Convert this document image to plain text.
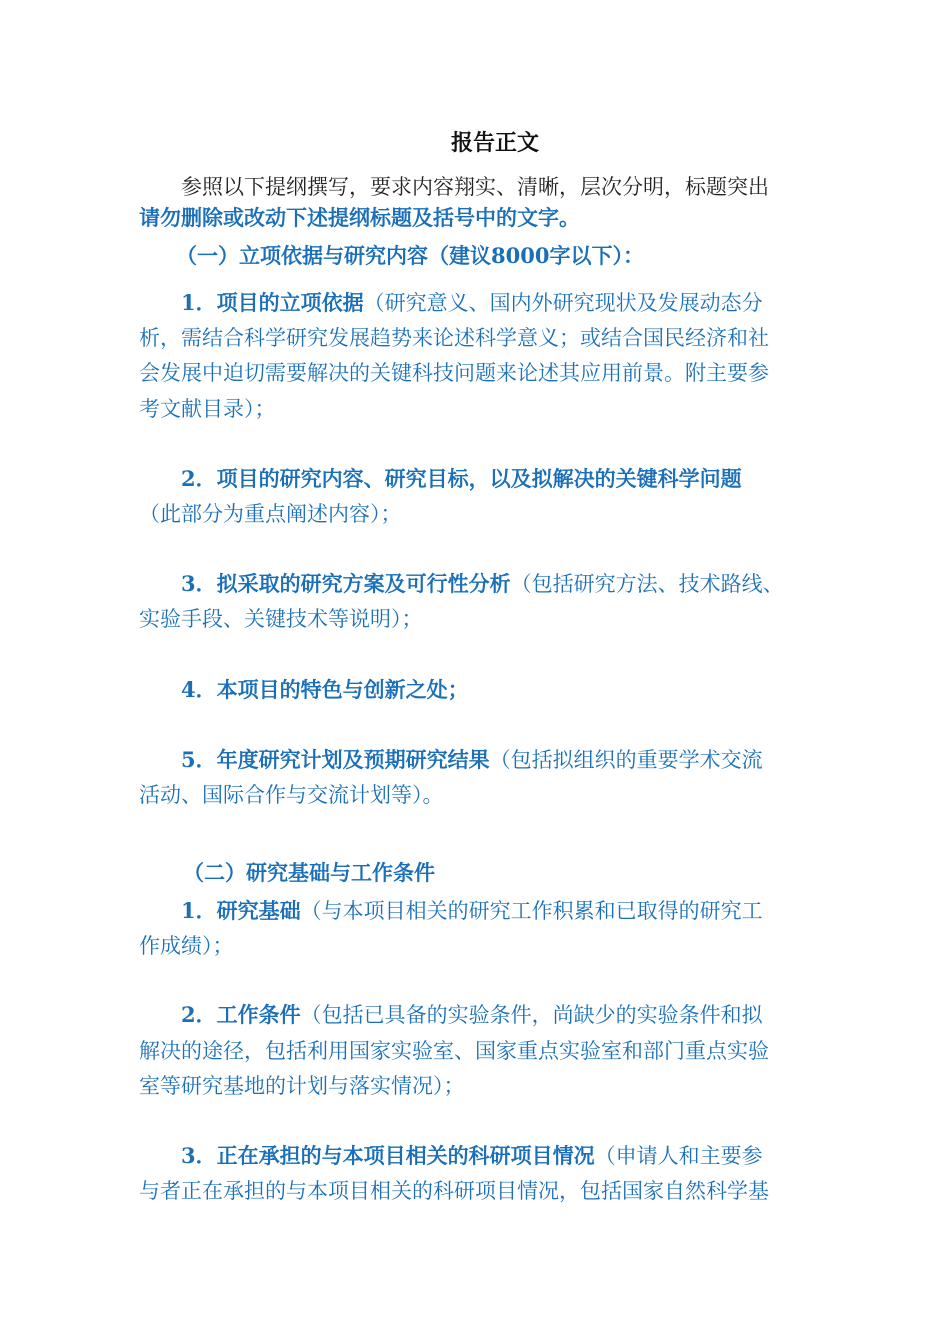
报告正文
参照以下提纲撰写，要求内容翔实、清晰，层次分明，标题突出
请勿删除或改动下述提纲标题及括号中的文字。
（一）立项依据与研究内容（建议8000字以下）：
1．项目的立项依据（研究意义、国内外研究现状及发展动态分
析，需结合科学研究发展趋势来论述科学意义；或结合国民经济和社
会发展中迫切需要解决的关键科技问题来论述其应用前景。附主要参
考文献目录）；
2．项目的研究内容、研究目标，以及拟解决的关键科学问题
（此部分为重点阐述内容）；
3．拟采取的研究方案及可行性分析（包括研究方法、技术路线、
实验手段、关键技术等说明）；
4．本项目的特色与创新之处；
5．年度研究计划及预期研究结果（包括拟组织的重要学术交流
活动、国际合作与交流计划等）。
（二）研究基础与工作条件
1．研究基础（与本项目相关的研究工作积累和已取得的研究工
作成绩）；
2．工作条件（包括已具备的实验条件，尚缺少的实验条件和拟
解决的途径，包括利用国家实验室、国家重点实验室和部门重点实验
室等研究基地的计划与落实情况）；
3．正在承担的与本项目相关的科研项目情况（申请人和主要参
与者正在承担的与本项目相关的科研项目情况，包括国家自然科学基
